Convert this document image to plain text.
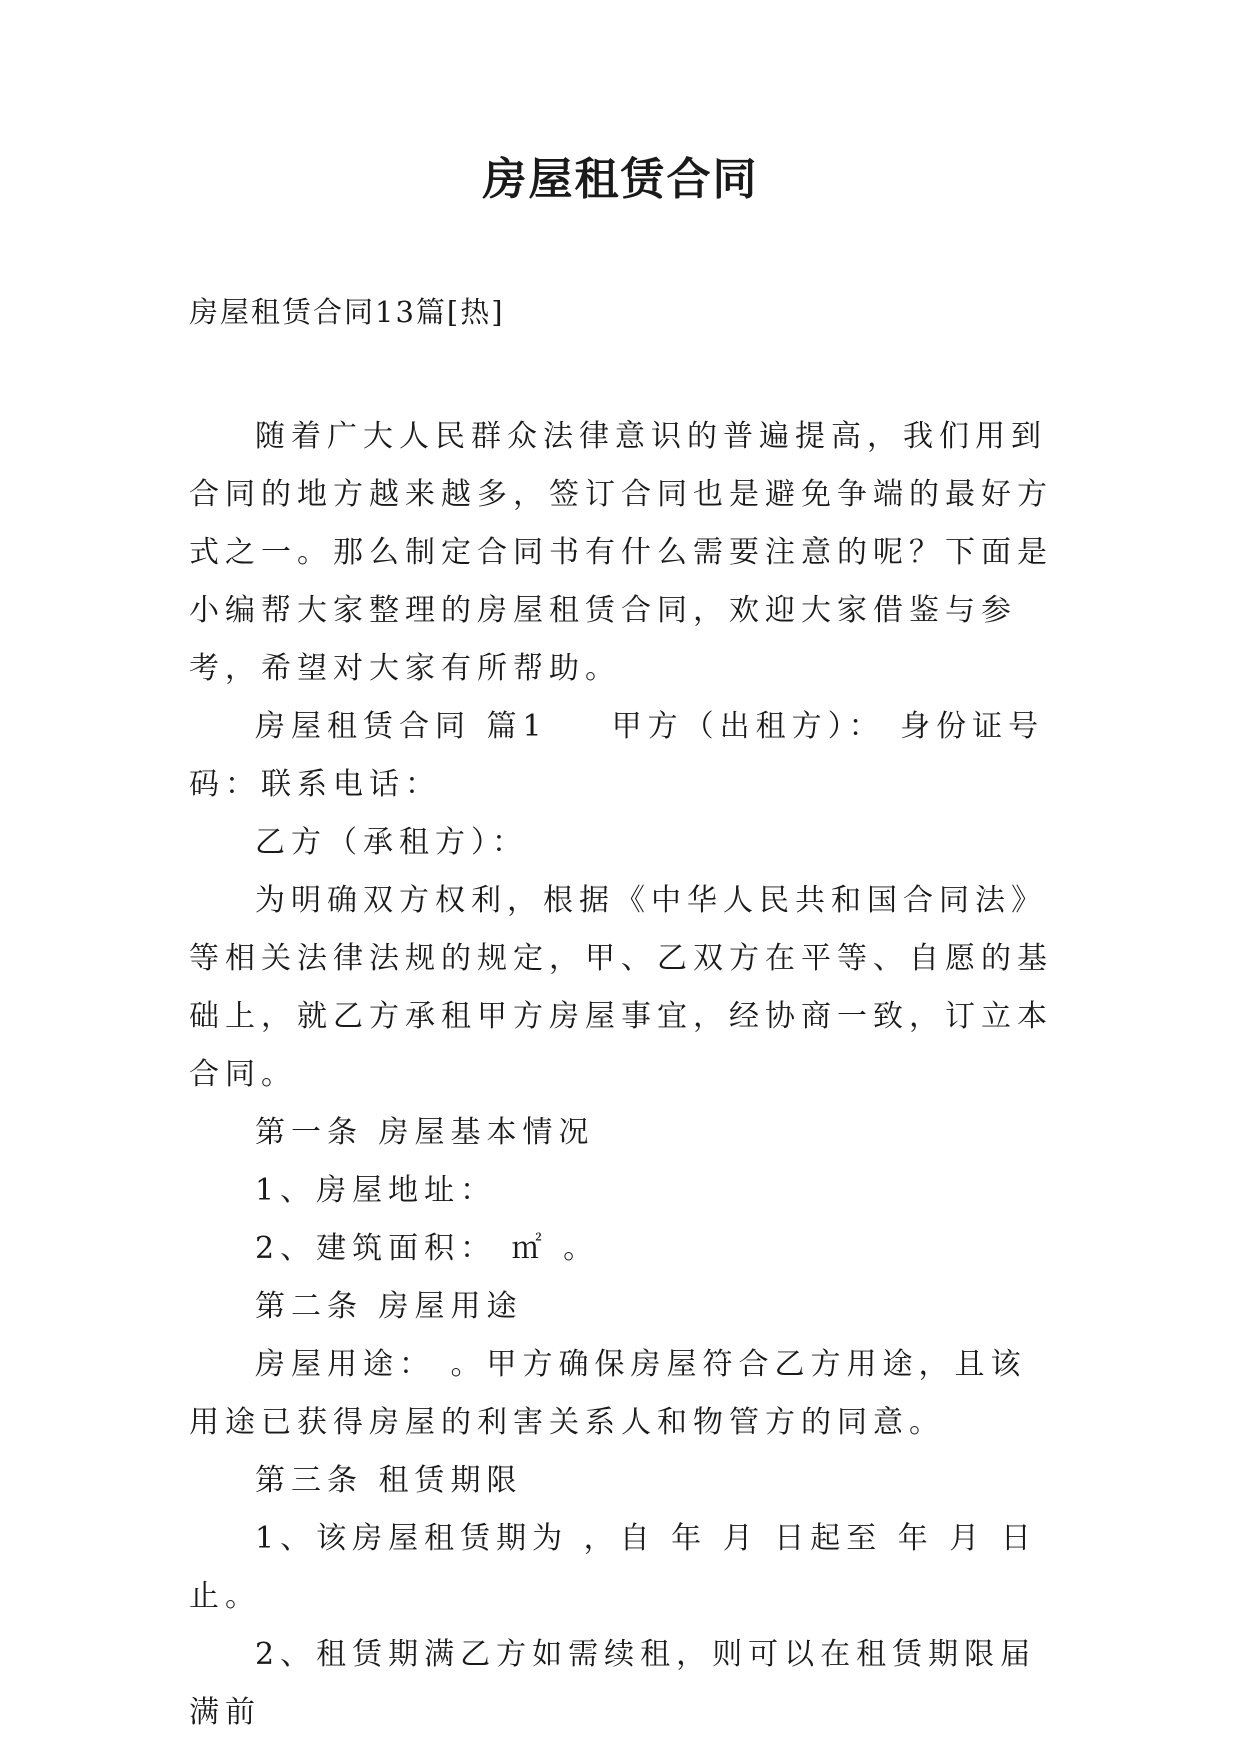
房屋租赁合同

房屋租赁合同13篇[热]

随着广大人民群众法律意识的普遍提高，我们用到合同的地方越来越多，签订合同也是避免争端的最好方式之一。那么制定合同书有什么需要注意的呢？下面是小编帮大家整理的房屋租赁合同，欢迎大家借鉴与参考，希望对大家有所帮助。

房屋租赁合同 篇1 甲方（出租方）： 身份证号码：联系电话：

乙方（承租方）：

为明确双方权利，根据《中华人民共和国合同法》等相关法律法规的规定，甲、乙双方在平等、自愿的基础上，就乙方承租甲方房屋事宜，经协商一致，订立本合同。

第一条 房屋基本情况

1、房屋地址：

2、建筑面积： ㎡ 。

第二条 房屋用途

房屋用途： 。甲方确保房屋符合乙方用途，且该用途已获得房屋的利害关系人和物管方的同意。

第三条 租赁期限

1、该房屋租赁期为 ，自 年 月 日起至 年 月 日止。

2、租赁期满乙方如需续租，则可以在租赁期限届满前
